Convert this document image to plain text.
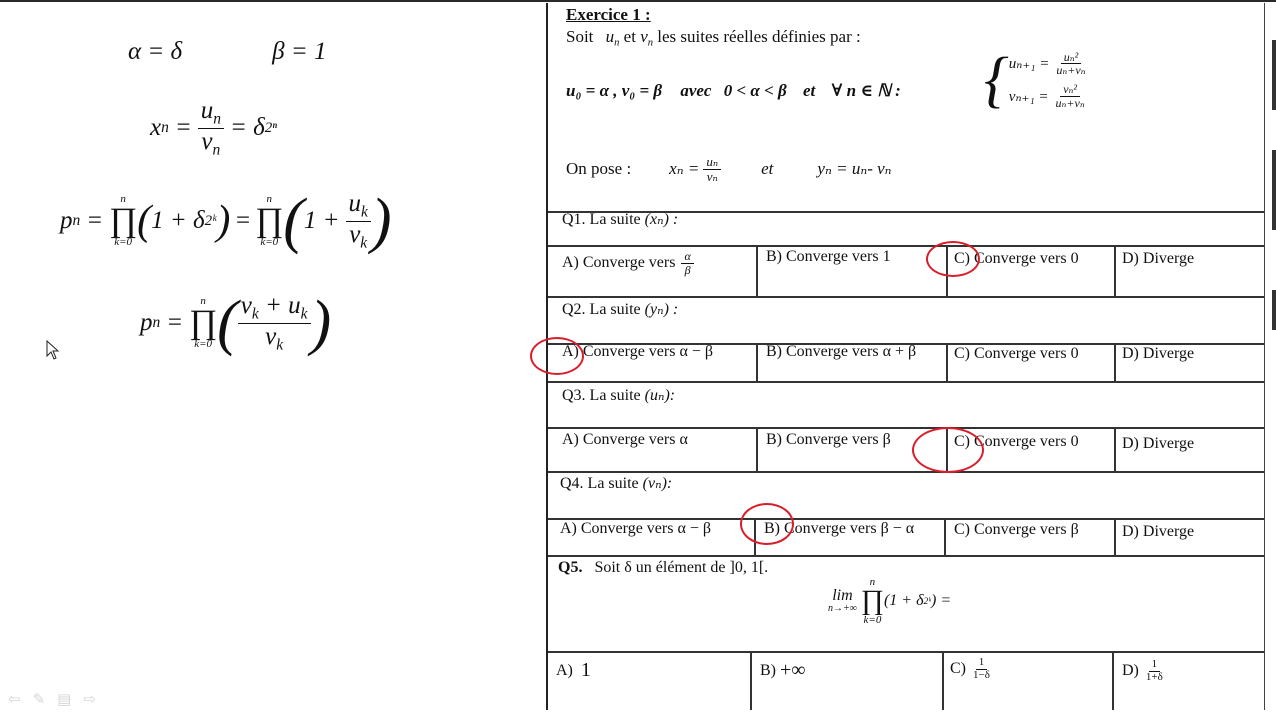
α = δ	β = 1
x $n = \frac{u_n}{v_n} = \delta$ 2ⁿ
p n =
n
∏
k=0 ( 1 + δ 2ᵏ ) =
n
∏
k=0 ( $1 + \frac{u_k}{v_k}$ )
p n =
n
∏
k=0 ( $\frac{v_k + u_k}{v_k}$ )
Exercice 1 :
Soit $u_n$ et $v_n$ les suites réelles définies par :
u₀ = α , v₀ = β avec 0 < α < β et ∀ n ∈ ℕ : { $u_{n+1} = \frac{\text{uₙ²}}{\text{uₙ+vₙ}}$
$v_{n+1} = \frac{\text{vₙ²}}{\text{uₙ+vₙ}}$
On pose : $x_n = \frac{\text{uₙ}}{\text{vₙ}}$ et	yₙ = uₙ- vₙ
Q1. La suite (xₙ) :
A) Converge vers $\frac{\alpha}{\beta}$	B) Converge vers 1	C) Converge vers 0	D) Diverge
Q2. La suite (yₙ) :
A) Converge vers α − β	B) Converge vers α + β C) Converge vers 0	D) Diverge
Q3. La suite (uₙ):
A) Converge vers α	B) Converge vers β	C) Converge vers 0	D) Diverge
Q4. La suite (vₙ):
A) Converge vers α − β	B) Converge vers β − α C) Converge vers β	D) Diverge
Q5. Soit δ un élément de ]0, 1[.
lim
n→+∞
n
∏
k=0
(1 + δ 2ᵏ ) =
A) 1	B) +∞	$C) \frac{1}{1-\delta}$	$D) \frac{1}{1+\delta}$
⇦ ✎ ▤ ⇨
